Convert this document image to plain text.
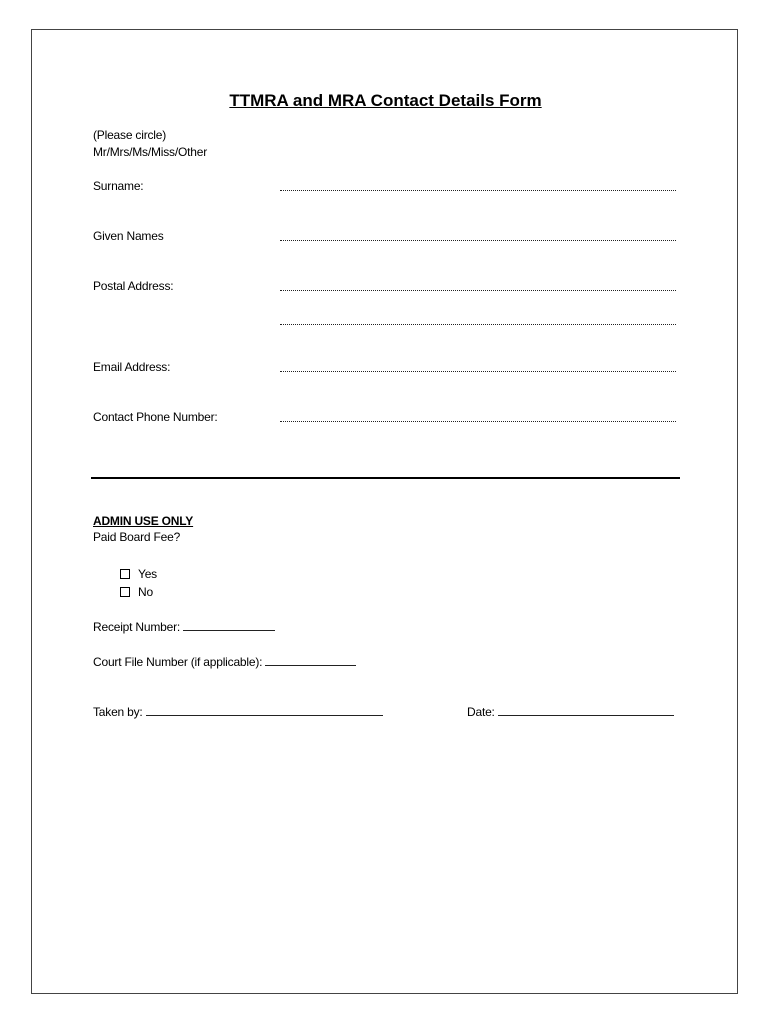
TTMRA and MRA Contact Details Form
(Please circle)
Mr/Mrs/Ms/Miss/Other
Surname:
Given Names
Postal Address:
Email Address:
Contact Phone Number:
ADMIN USE ONLY
Paid Board Fee?
Yes
No
Receipt Number:
Court File Number (if applicable):
Taken by:	Date:
